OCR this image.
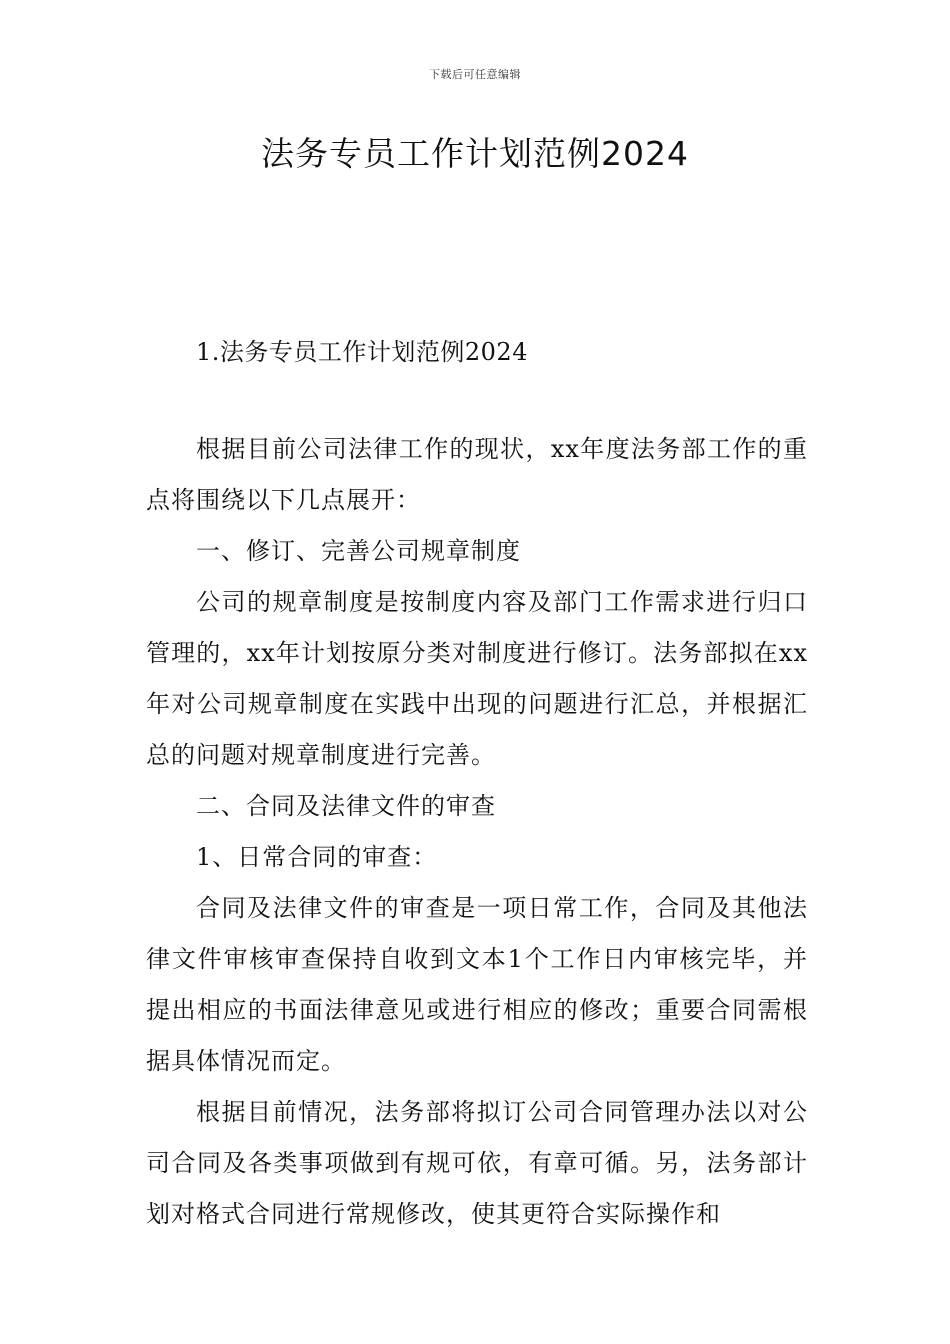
下载后可任意编辑
法务专员工作计划范例2024
1.法务专员工作计划范例2024

根据目前公司法律工作的现状，xx年度法务部工作的重点将围绕以下几点展开：

一、修订、完善公司规章制度

公司的规章制度是按制度内容及部门工作需求进行归口管理的，xx年计划按原分类对制度进行修订。法务部拟在xx年对公司规章制度在实践中出现的问题进行汇总，并根据汇总的问题对规章制度进行完善。

二、合同及法律文件的审查

1、日常合同的审查：

合同及法律文件的审查是一项日常工作，合同及其他法律文件审核审查保持自收到文本1个工作日内审核完毕，并提出相应的书面法律意见或进行相应的修改；重要合同需根据具体情况而定。

根据目前情况，法务部将拟订公司合同管理办法以对公司合同及各类事项做到有规可依，有章可循。另，法务部计划对格式合同进行常规修改，使其更符合实际操作和
